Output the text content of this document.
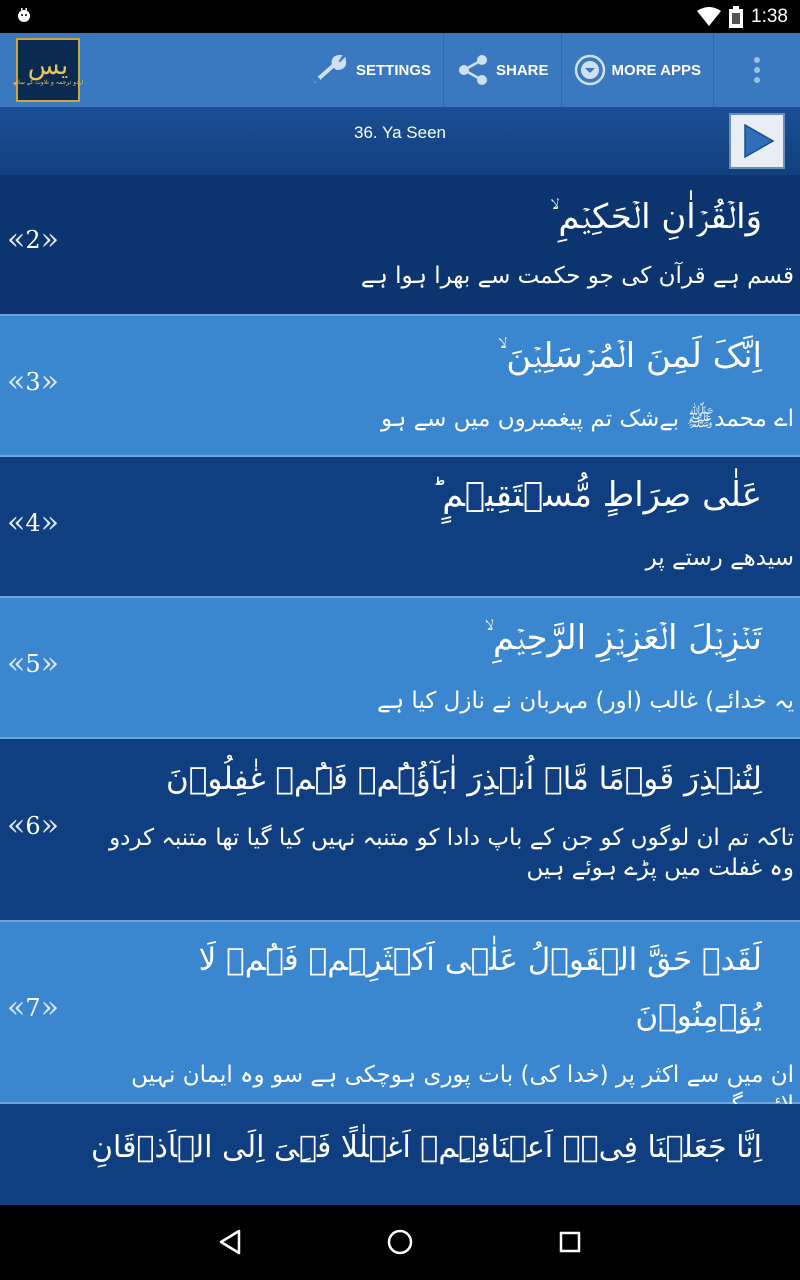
1:38
يس
اردو ترجمہ و تلاوت کے ساتھ
SETTINGS	SHARE	MORE APPS
36. Ya Seen
« 2 »
وَالۡقُرۡاٰنِ الۡحَکِیۡمِ ۙ
قسم ہے قرآن کی جو حکمت سے بھرا ہوا ہے
« 3 »
اِنَّکَ لَمِنَ الۡمُرۡسَلِیۡنَ ۙ
اے محمدﷺ بےشک تم پیغمبروں میں سے ہو
« 4 »
عَلٰی صِرَاطٍ مُّسۡتَقِیۡمٍ ؕ
سیدھے رستے پر
« 5 »
تَنۡزِیۡلَ الۡعَزِیۡزِ الرَّحِیۡمِ ۙ
یہ خدائے) غالب (اور) مہربان نے نازل کیا ہے
« 6 »
لِتُنۡذِرَ قَوۡمًا مَّاۤ اُنۡذِرَ اٰبَآؤُہُمۡ فَہُمۡ غٰفِلُوۡنَ
تاکہ تم ان لوگوں کو جن کے باپ دادا کو متنبہ نہیں کیا گیا تھا متنبہ کردو وہ غفلت میں پڑے ہوئے ہیں
« 7 »
لَقَدۡ حَقَّ الۡقَوۡلُ عَلٰۤی اَکۡثَرِہِمۡ فَہُمۡ لَا یُؤۡمِنُوۡنَ
ان میں سے اکثر پر (خدا کی) بات پوری ہوچکی ہے سو وہ ایمان نہیں
اِنَّا جَعَلۡنَا فِیۡۤ اَعۡنَاقِہِمۡ اَغۡلٰلًا فَہِیَ اِلَی الۡاَذۡقَانِ
